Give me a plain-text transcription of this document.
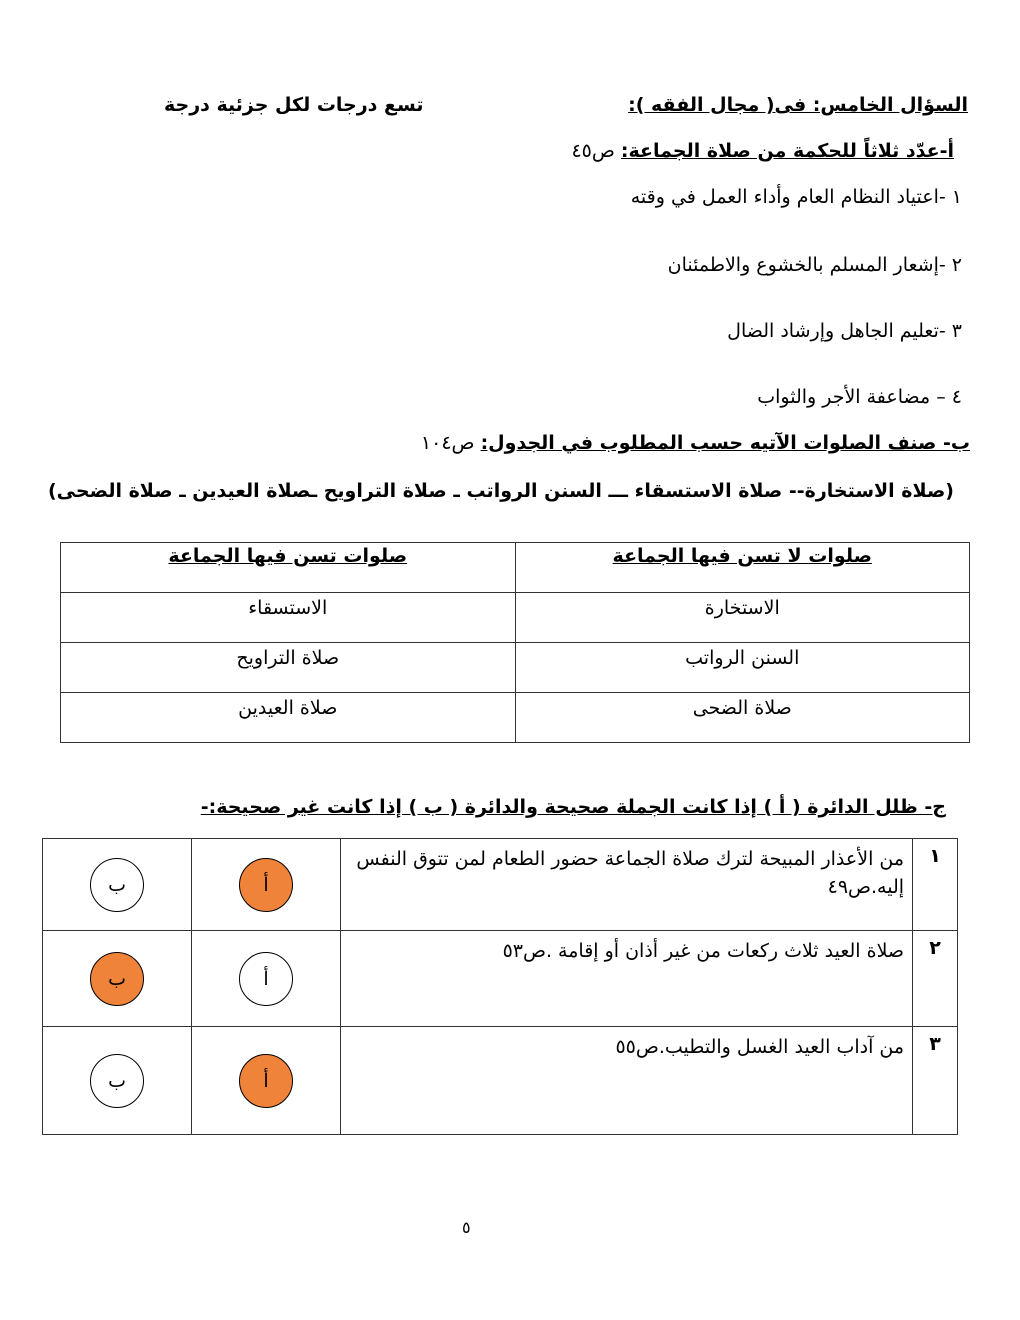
السؤال الخامس: فى( مجال الفقه ):
تسع درجات لكل جزئية درجة
أ-عدّد ثلاثاً للحكمة من صلاة الجماعة: ص٤٥
١ -اعتياد النظام العام وأداء العمل في وقته
٢ -إشعار المسلم بالخشوع والاطمئنان
٣ -تعليم الجاهل وإرشاد الضال
٤ – مضاعفة الأجر والثواب
ب- صنف الصلوات الآتيه حسب المطلوب في الجدول: ص١٠٤
(صلاة الاستخارة-- صلاة الاستسقاء ـــ السنن الرواتب ـ صلاة التراويح ـصلاة العيدين ـ صلاة الضحى)
صلوات لا تسن فيها الجماعة	صلوات تسن فيها الجماعة
الاستخارة	الاستسقاء
السنن الرواتب	صلاة التراويح
صلاة الضحى	صلاة العيدين
ج- ظلل الدائرة ( أ ) إذا كانت الجملة صحيحة والدائرة ( ب ) إذا كانت غير صحيحة:-
١	من الأعذار المبيحة لترك صلاة الجماعة حضور الطعام لمن تتوق النفس إليه.ص٤٩	أ	ب
٢	صلاة العيد ثلاث ركعات من غير أذان أو إقامة .ص٥٣	أ	ب
٣	من آداب العيد الغسل والتطيب.ص٥٥	أ	ب
٥
